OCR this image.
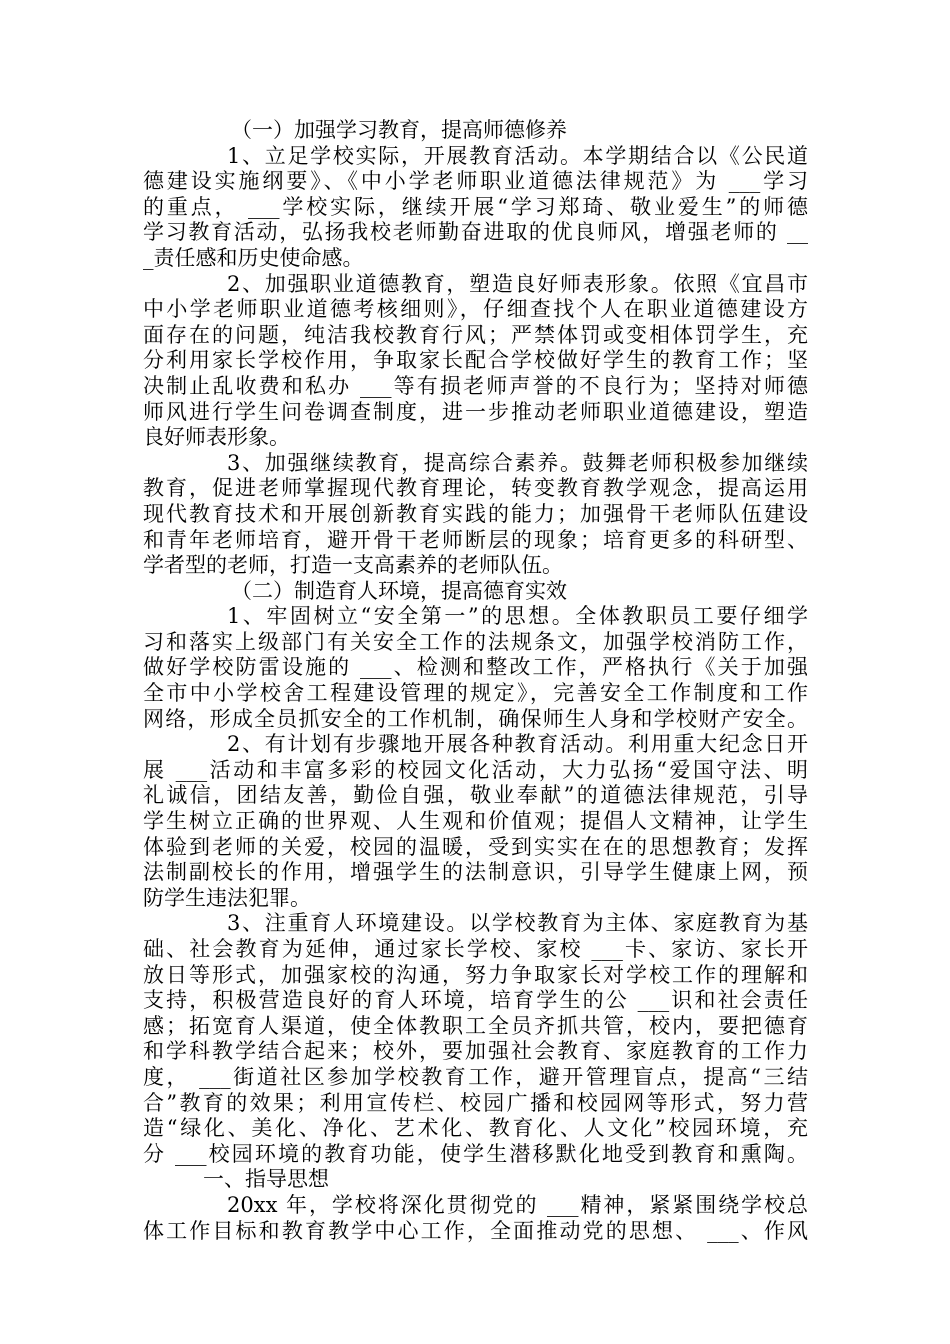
（一）加强学习教育，提高师德修养
1、立足学校实际，开展教育活动。本学期结合以《公民道
德建设实施纲要》、《中小学老师职业道德法律规范》为 ___学习
的重点， ___学校实际，继续开展“学习郑琦、敬业爱生”的师德
学习教育活动，弘扬我校老师勤奋进取的优良师风，增强老师的 __
_责任感和历史使命感。
2、加强职业道德教育，塑造良好师表形象。依照《宜昌市
中小学老师职业道德考核细则》，仔细查找个人在职业道德建设方
面存在的问题，纯洁我校教育行风；严禁体罚或变相体罚学生，充
分利用家长学校作用，争取家长配合学校做好学生的教育工作；坚
决制止乱收费和私办 ___等有损老师声誉的不良行为；坚持对师德
师风进行学生问卷调查制度，进一步推动老师职业道德建设，塑造
良好师表形象。
3、加强继续教育，提高综合素养。鼓舞老师积极参加继续
教育，促进老师掌握现代教育理论，转变教育教学观念，提高运用
现代教育技术和开展创新教育实践的能力；加强骨干老师队伍建设
和青年老师培育，避开骨干老师断层的现象；培育更多的科研型、
学者型的老师，打造一支高素养的老师队伍。
（二）制造育人环境，提高德育实效
1、牢固树立“安全第一”的思想。全体教职员工要仔细学
习和落实上级部门有关安全工作的法规条文，加强学校消防工作，
做好学校防雷设施的 ___、检测和整改工作，严格执行《关于加强
全市中小学校舍工程建设管理的规定》，完善安全工作制度和工作
网络，形成全员抓安全的工作机制，确保师生人身和学校财产安全。
2、有计划有步骤地开展各种教育活动。利用重大纪念日开
展 ___活动和丰富多彩的校园文化活动，大力弘扬“爱国守法、明
礼诚信，团结友善，勤俭自强，敬业奉献”的道德法律规范，引导
学生树立正确的世界观、人生观和价值观；提倡人文精神，让学生
体验到老师的关爱，校园的温暖，受到实实在在的思想教育；发挥
法制副校长的作用，增强学生的法制意识，引导学生健康上网，预
防学生违法犯罪。
3、注重育人环境建设。以学校教育为主体、家庭教育为基
础、社会教育为延伸，通过家长学校、家校 ___卡、家访、家长开
放日等形式，加强家校的沟通，努力争取家长对学校工作的理解和
支持，积极营造良好的育人环境，培育学生的公 ___识和社会责任
感；拓宽育人渠道，使全体教职工全员齐抓共管，校内，要把德育
和学科教学结合起来；校外，要加强社会教育、家庭教育的工作力
度， ___街道社区参加学校教育工作，避开管理盲点，提高“三结
合”教育的效果；利用宣传栏、校园广播和校园网等形式，努力营
造“绿化、美化、净化、艺术化、教育化、人文化”校园环境，充
分 ___校园环境的教育功能，使学生潜移默化地受到教育和熏陶。
一、指导思想
20xx 年，学校将深化贯彻党的 ___精神，紧紧围绕学校总
体工作目标和教育教学中心工作，全面推动党的思想、 ___、作风
